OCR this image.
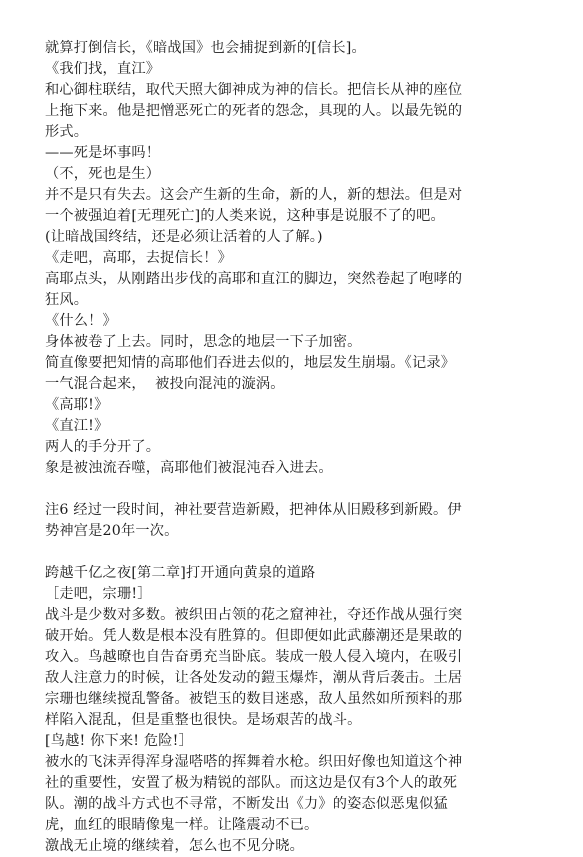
就算打倒信长，《暗战国》也会捕捉到新的[信长]。
《我们找，直江》
和心御柱联结，取代天照大御神成为神的信长。把信长从神的座位
上拖下来。他是把憎恶死亡的死者的怨念，具现的人。以最先锐的
形式。
——死是坏事吗！
（不，死也是生）
并不是只有失去。这会产生新的生命，新的人，新的想法。但是对
一个被强迫着[无理死亡]的人类来说，这种事是说服不了的吧。
(让暗战国终结，还是必须让活着的人了解。)
《走吧，高耶，去捉信长！》
高耶点头，从刚踏出步伐的高耶和直江的脚边，突然卷起了咆哮的
狂风。
《什么！》
身体被卷了上去。同时，思念的地层一下子加密。
简直像要把知情的高耶他们吞进去似的，地层发生崩塌。《记录》
一气混合起来，  被投向混沌的漩涡。
《高耶!》
《直江!》
两人的手分开了。
象是被浊流吞噬，高耶他们被混沌吞入进去。
注6 经过一段时间，神社要营造新殿，把神体从旧殿移到新殿。伊
势神宫是20年一次。
跨越千亿之夜[第二章]打开通向黄泉的道路
［走吧，宗珊!］
战斗是少数对多数。被织田占领的花之窟神社，夺还作战从强行突
破开始。凭人数是根本没有胜算的。但即便如此武藤潮还是果敢的
攻入。鸟越暸也自告奋勇充当卧底。装成一般人侵入境内，在吸引
敌人注意力的时候，让各处发动的鎧玉爆炸，潮从背后袭击。土居
宗珊也继续搅乱警备。被铠玉的数目迷惑，敌人虽然如所预料的那
样陷入混乱，但是重整也很快。是场艰苦的战斗。
[鸟越! 你下来! 危险!］
被水的飞沫弄得浑身湿嗒嗒的挥舞着水枪。织田好像也知道这个神
社的重要性，安置了极为精锐的部队。而这边是仅有3个人的敢死
队。潮的战斗方式也不寻常，不断发出《力》的姿态似恶鬼似猛
虎，血红的眼睛像鬼一样。让隆震动不已。
激战无止境的继续着，怎么也不见分晓。
